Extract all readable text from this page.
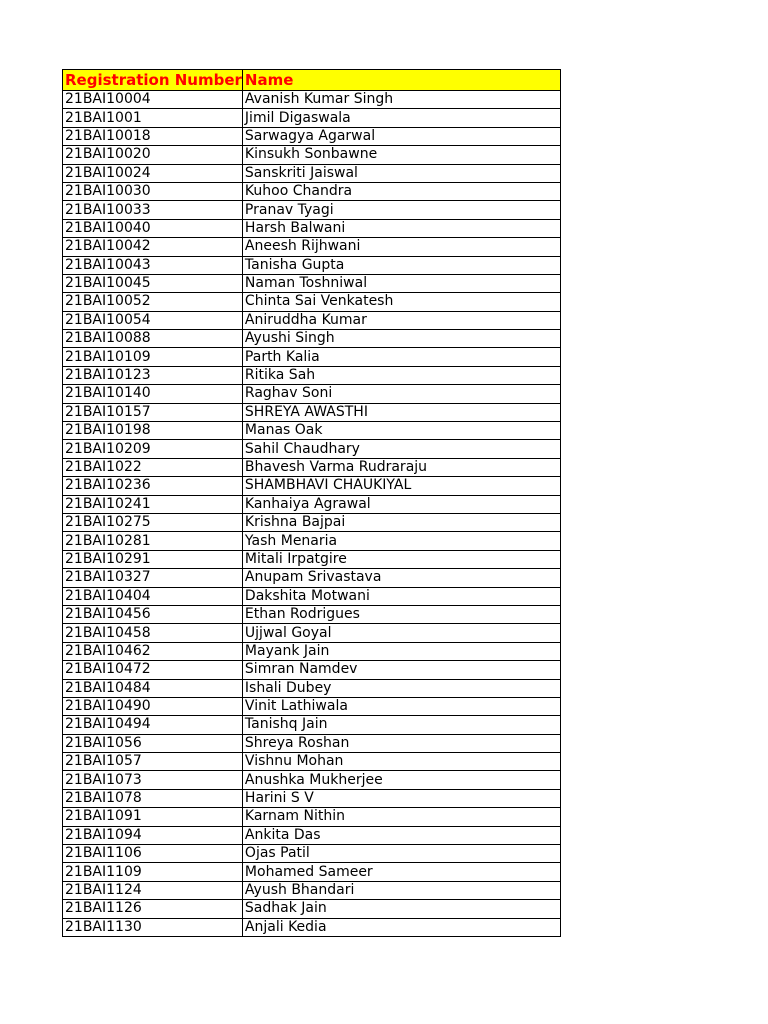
Registration Number	Name
21BAI10004	Avanish Kumar Singh
21BAI1001	Jimil Digaswala
21BAI10018	Sarwagya Agarwal
21BAI10020	Kinsukh Sonbawne
21BAI10024	Sanskriti Jaiswal
21BAI10030	Kuhoo Chandra
21BAI10033	Pranav Tyagi
21BAI10040	Harsh Balwani
21BAI10042	Aneesh Rijhwani
21BAI10043	Tanisha Gupta
21BAI10045	Naman Toshniwal
21BAI10052	Chinta Sai Venkatesh
21BAI10054	Aniruddha Kumar
21BAI10088	Ayushi Singh
21BAI10109	Parth Kalia
21BAI10123	Ritika Sah
21BAI10140	Raghav Soni
21BAI10157	SHREYA AWASTHI
21BAI10198	Manas Oak
21BAI10209	Sahil Chaudhary
21BAI1022	Bhavesh Varma Rudraraju
21BAI10236	SHAMBHAVI CHAUKIYAL
21BAI10241	Kanhaiya Agrawal
21BAI10275	Krishna Bajpai
21BAI10281	Yash Menaria
21BAI10291	Mitali Irpatgire
21BAI10327	Anupam Srivastava
21BAI10404	Dakshita Motwani
21BAI10456	Ethan Rodrigues
21BAI10458	Ujjwal Goyal
21BAI10462	Mayank Jain
21BAI10472	Simran Namdev
21BAI10484	Ishali Dubey
21BAI10490	Vinit Lathiwala
21BAI10494	Tanishq Jain
21BAI1056	Shreya Roshan
21BAI1057	Vishnu Mohan
21BAI1073	Anushka Mukherjee
21BAI1078	Harini S V
21BAI1091	Karnam Nithin
21BAI1094	Ankita Das
21BAI1106	Ojas Patil
21BAI1109	Mohamed Sameer
21BAI1124	Ayush Bhandari
21BAI1126	Sadhak Jain
21BAI1130	Anjali Kedia
